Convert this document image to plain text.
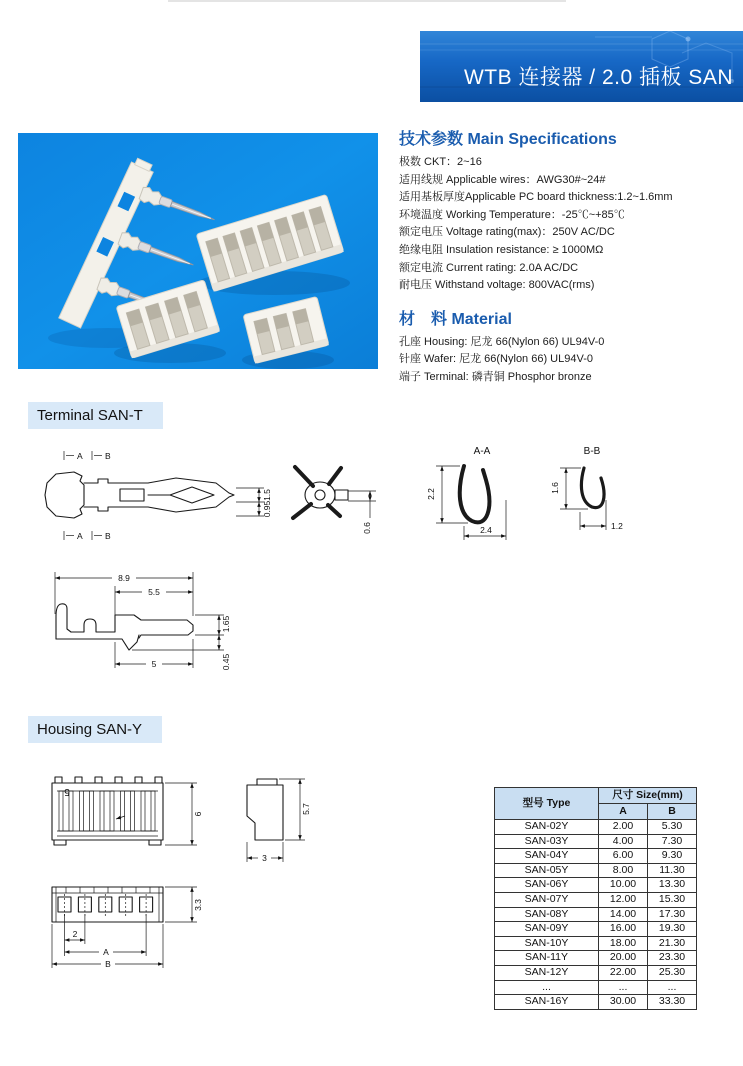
WTB 连接器 / 2.0 插板 SAN
技术参数 Main Specifications
极数 CKT：2~16
适用线规 Applicable wires：AWG30#~24#
适用基板厚度Applicable PC board thickness:1.2~1.6mm
环境温度 Working Temperature：-25℃~+85℃
额定电压 Voltage rating(max)：250V AC/DC
绝缘电阻 Insulation resistance: ≥ 1000MΩ
额定电流 Current rating: 2.0A AC/DC
耐电压 Withstand voltage: 800VAC(rms)
材　料 Material
孔座 Housing: 尼龙 66(Nylon 66) UL94V-0
针座 Wafer: 尼龙 66(Nylon 66) UL94V-0
端子 Terminal: 磷青铜 Phosphor bronze
Terminal SAN-T
Housing SAN-Y
A	B
A	B
1.5
0.95
0.6
A-A
2.2
2.4
B-B
1.6
1.2
8.9
5.5
1.65
0.45
5
5
6	5.7
3
3.3
2
A
B
型号 Type	尺寸 Size(mm)	
	A	B
SAN-02Y	2.00	5.30
SAN-03Y	4.00	7.30
SAN-04Y	6.00	9.30
SAN-05Y	8.00	11.30
SAN-06Y	10.00	13.30
SAN-07Y	12.00	15.30
SAN-08Y	14.00	17.30
SAN-09Y	16.00	19.30
SAN-10Y	18.00	21.30
SAN-11Y	20.00	23.30
SAN-12Y	22.00	25.30
...	...	...
SAN-16Y	30.00	33.30
